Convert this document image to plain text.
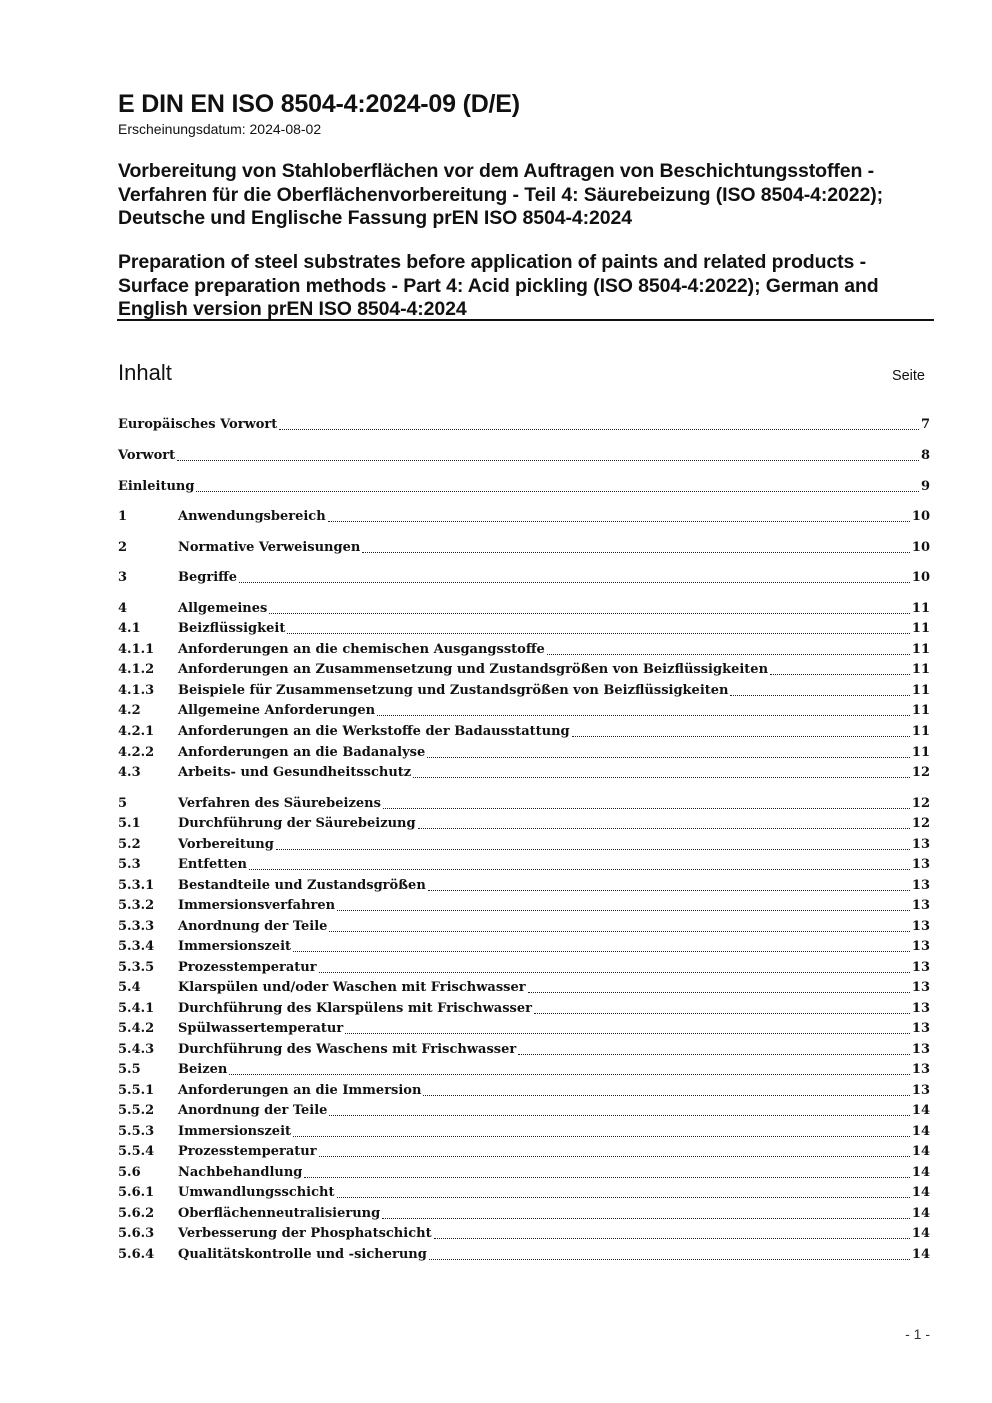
E DIN EN ISO 8504-4:2024-09 (D/E)
Erscheinungsdatum: 2024-08-02
Vorbereitung von Stahloberflächen vor dem Auftragen von Beschichtungsstoffen -
Verfahren für die Oberflächenvorbereitung - Teil 4: Säurebeizung (ISO 8504-4:2022);
Deutsche und Englische Fassung prEN ISO 8504-4:2024
Preparation of steel substrates before application of paints and related products -
Surface preparation methods - Part 4: Acid pickling (ISO 8504-4:2022); German and
English version prEN ISO 8504-4:2024
Inhalt	Seite
Europäisches Vorwort	7
Vorwort	8
Einleitung	9
1	Anwendungsbereich	10
2	Normative Verweisungen	10
3	Begriffe	10
4	Allgemeines	11
4.1	Beizflüssigkeit	11
4.1.1	Anforderungen an die chemischen Ausgangsstoffe	11
4.1.2	Anforderungen an Zusammensetzung und Zustandsgrößen von Beizflüssigkeiten	11
4.1.3	Beispiele für Zusammensetzung und Zustandsgrößen von Beizflüssigkeiten	11
4.2	Allgemeine Anforderungen	11
4.2.1	Anforderungen an die Werkstoffe der Badausstattung	11
4.2.2	Anforderungen an die Badanalyse	11
4.3	Arbeits- und Gesundheitsschutz	12
5	Verfahren des Säurebeizens	12
5.1	Durchführung der Säurebeizung	12
5.2	Vorbereitung	13
5.3	Entfetten	13
5.3.1	Bestandteile und Zustandsgrößen	13
5.3.2	Immersionsverfahren	13
5.3.3	Anordnung der Teile	13
5.3.4	Immersionszeit	13
5.3.5	Prozesstemperatur	13
5.4	Klarspülen und/oder Waschen mit Frischwasser	13
5.4.1	Durchführung des Klarspülens mit Frischwasser	13
5.4.2	Spülwassertemperatur	13
5.4.3	Durchführung des Waschens mit Frischwasser	13
5.5	Beizen	13
5.5.1	Anforderungen an die Immersion	13
5.5.2	Anordnung der Teile	14
5.5.3	Immersionszeit	14
5.5.4	Prozesstemperatur	14
5.6	Nachbehandlung	14
5.6.1	Umwandlungsschicht	14
5.6.2	Oberflächenneutralisierung	14
5.6.3	Verbesserung der Phosphatschicht	14
5.6.4	Qualitätskontrolle und -sicherung	14
- 1 -
